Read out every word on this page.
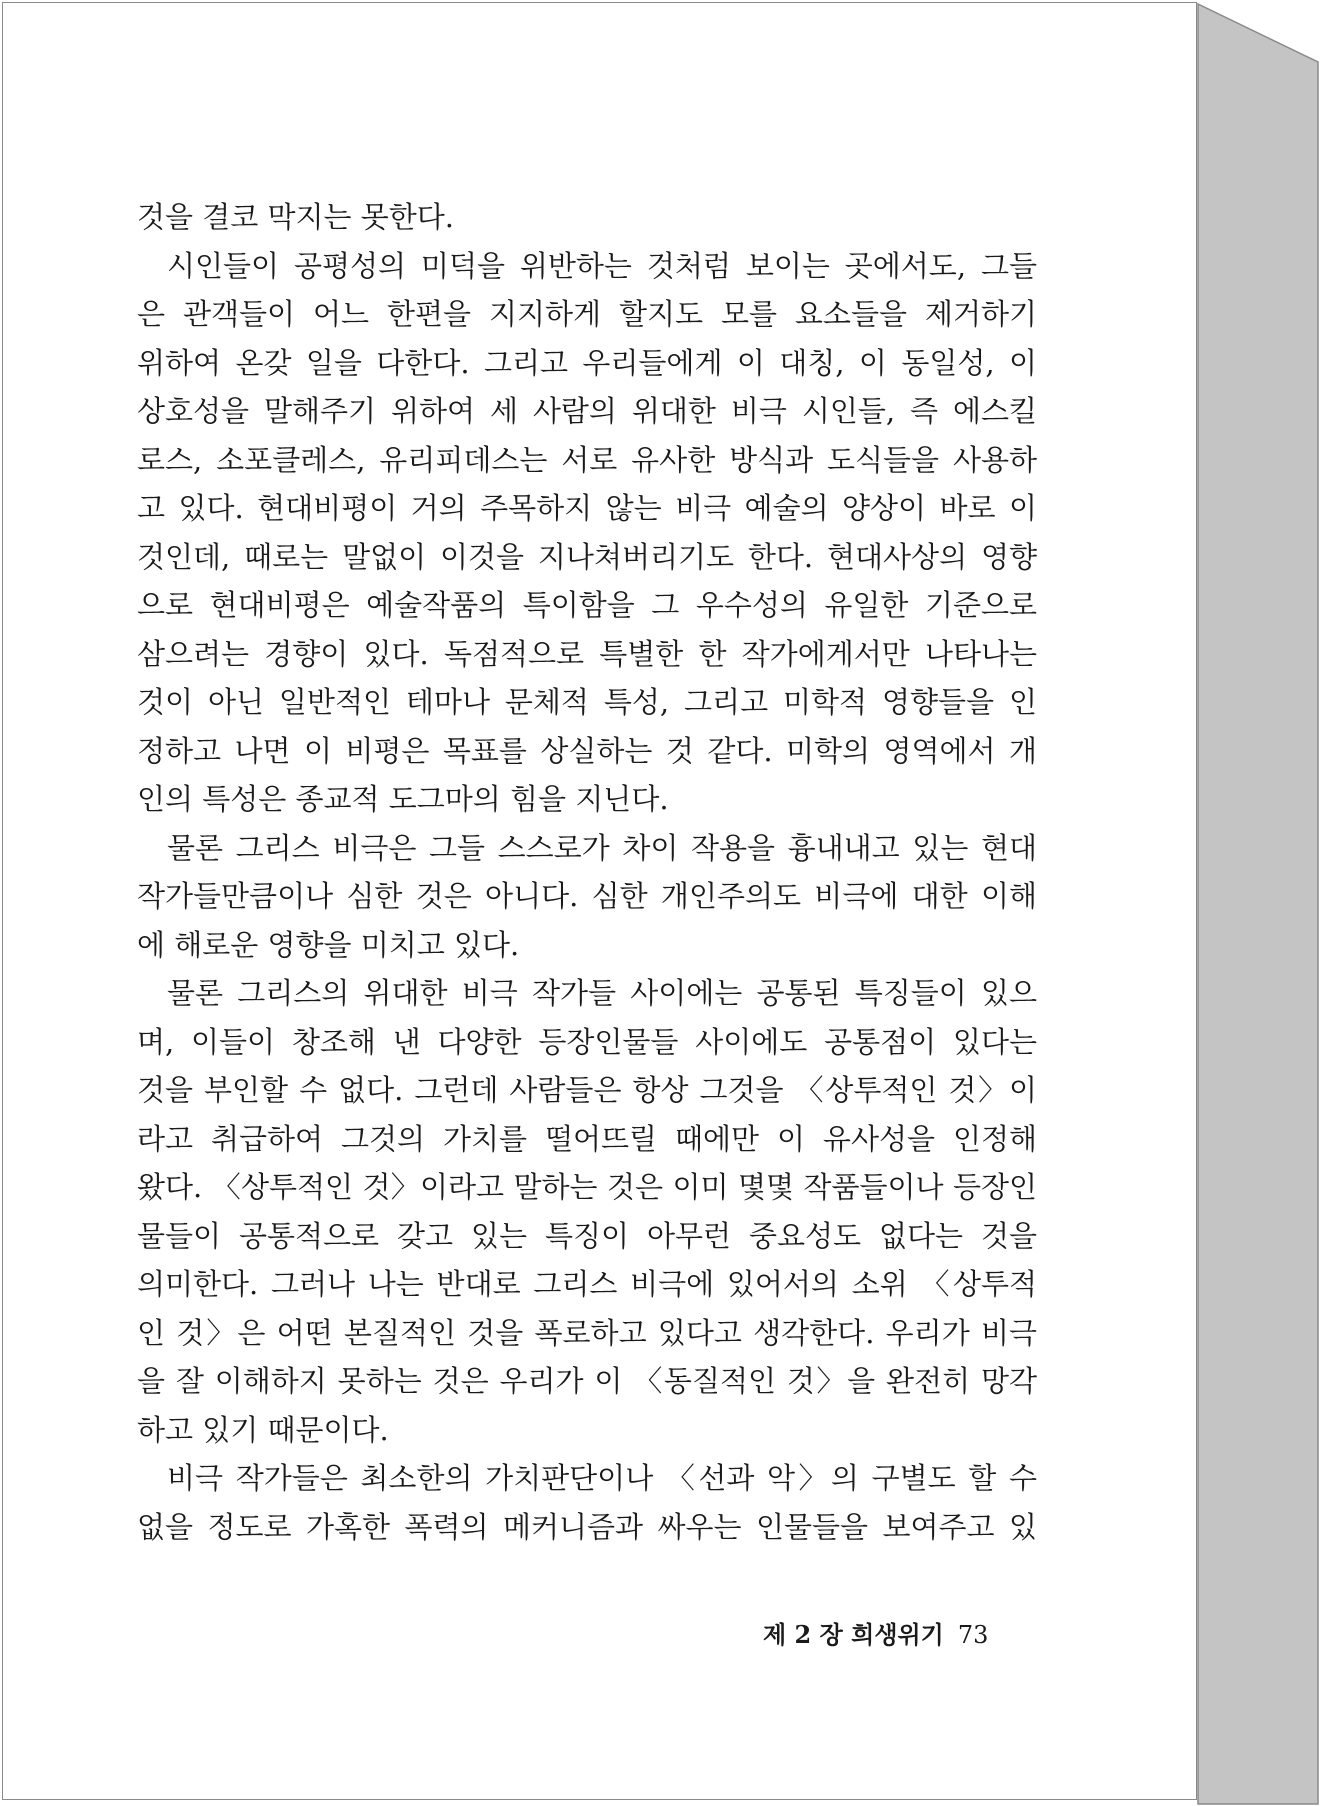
것을 결코 막지는 못한다.
시인들이 공평성의 미덕을 위반하는 것처럼 보이는 곳에서도, 그들
은 관객들이 어느 한편을 지지하게 할지도 모를 요소들을 제거하기
위하여 온갖 일을 다한다. 그리고 우리들에게 이 대칭, 이 동일성, 이
상호성을 말해주기 위하여 세 사람의 위대한 비극 시인들, 즉 에스킬
로스, 소포클레스, 유리피데스는 서로 유사한 방식과 도식들을 사용하
고 있다. 현대비평이 거의 주목하지 않는 비극 예술의 양상이 바로 이
것인데, 때로는 말없이 이것을 지나쳐버리기도 한다. 현대사상의 영향
으로 현대비평은 예술작품의 특이함을 그 우수성의 유일한 기준으로
삼으려는 경향이 있다. 독점적으로 특별한 한 작가에게서만 나타나는
것이 아닌 일반적인 테마나 문체적 특성, 그리고 미학적 영향들을 인
정하고 나면 이 비평은 목표를 상실하는 것 같다. 미학의 영역에서 개
인의 특성은 종교적 도그마의 힘을 지닌다.
물론 그리스 비극은 그들 스스로가 차이 작용을 흉내내고 있는 현대
작가들만큼이나 심한 것은 아니다. 심한 개인주의도 비극에 대한 이해
에 해로운 영향을 미치고 있다.
물론 그리스의 위대한 비극 작가들 사이에는 공통된 특징들이 있으
며, 이들이 창조해 낸 다양한 등장인물들 사이에도 공통점이 있다는
것을 부인할 수 없다. 그런데 사람들은 항상 그것을 〈상투적인 것〉이
라고 취급하여 그것의 가치를 떨어뜨릴 때에만 이 유사성을 인정해
왔다. 〈상투적인 것〉이라고 말하는 것은 이미 몇몇 작품들이나 등장인
물들이 공통적으로 갖고 있는 특징이 아무런 중요성도 없다는 것을
의미한다. 그러나 나는 반대로 그리스 비극에 있어서의 소위 〈상투적
인 것〉은 어떤 본질적인 것을 폭로하고 있다고 생각한다. 우리가 비극
을 잘 이해하지 못하는 것은 우리가 이 〈동질적인 것〉을 완전히 망각
하고 있기 때문이다.
비극 작가들은 최소한의 가치판단이나 〈선과 악〉의 구별도 할 수
없을 정도로 가혹한 폭력의 메커니즘과 싸우는 인물들을 보여주고 있
제 2 장 희생위기 73
